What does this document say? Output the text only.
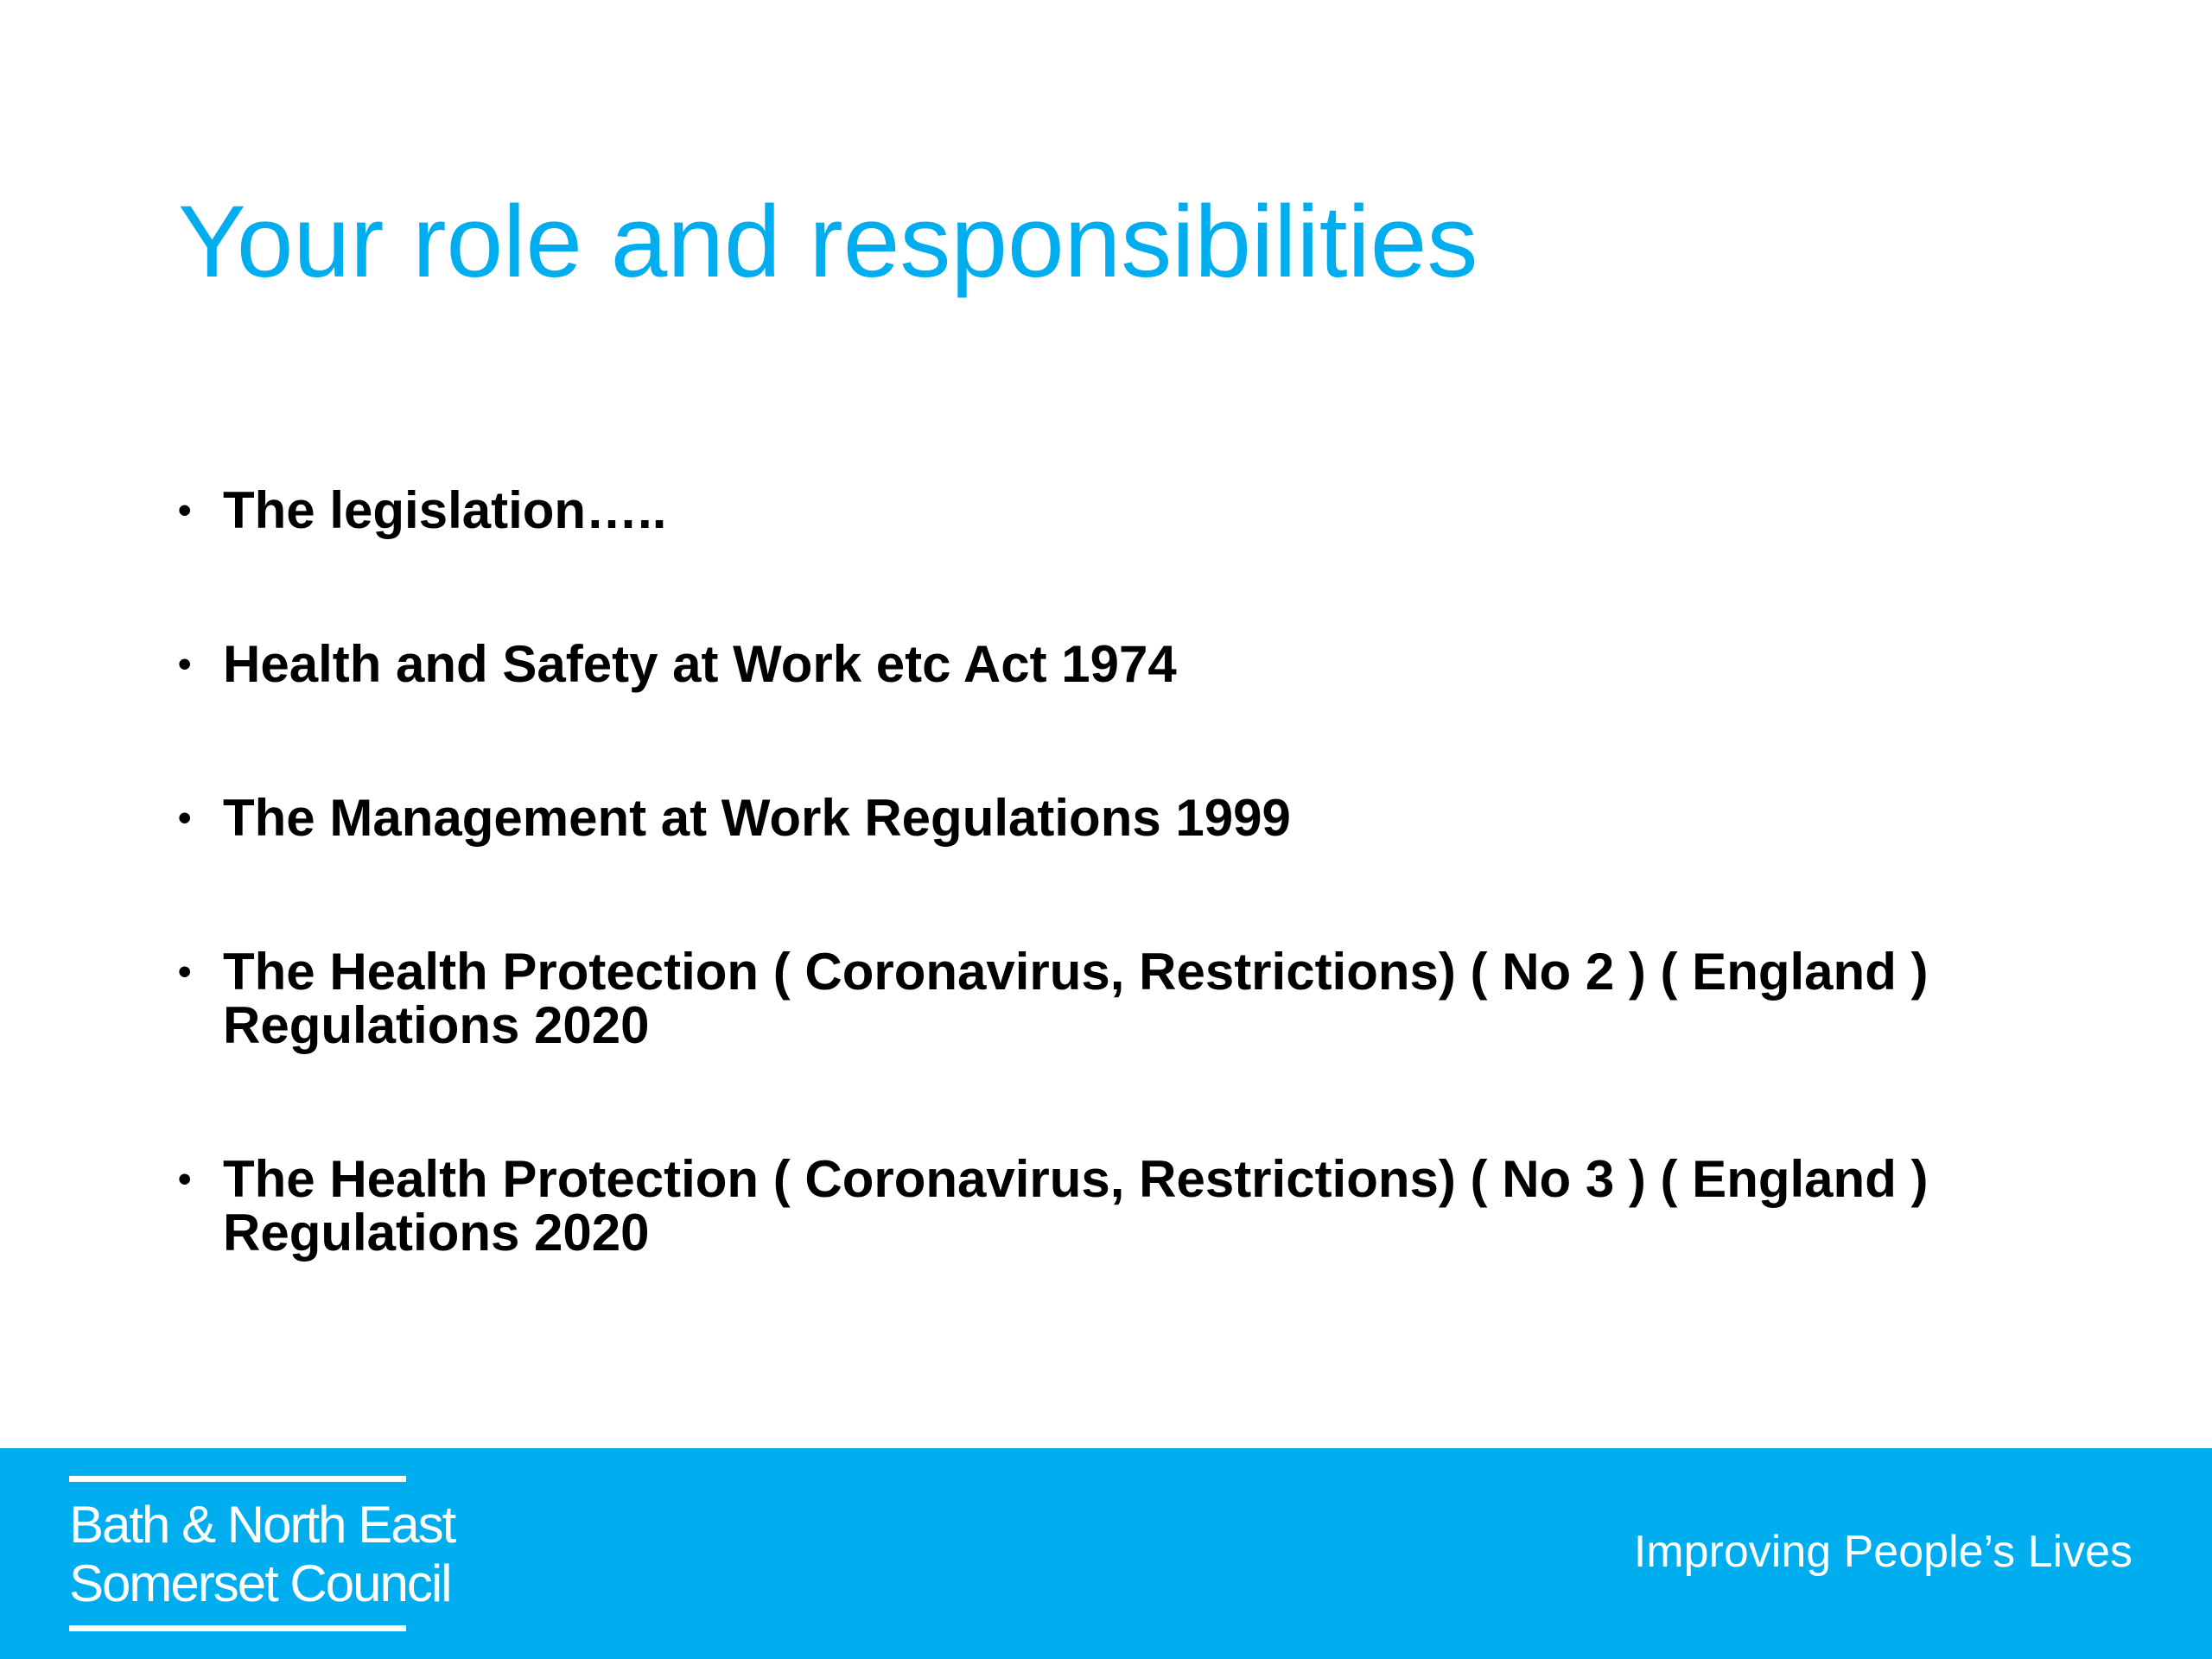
Your role and responsibilities
• The legislation…..
• Health and Safety at Work etc Act 1974
• The Management at Work Regulations 1999
• The Health Protection ( Coronavirus, Restrictions) ( No 2 ) ( England ) Regulations 2020
• The Health Protection ( Coronavirus, Restrictions) ( No 3 ) ( England ) Regulations 2020
Bath & North East
Somerset Council
Improving People’s Lives
